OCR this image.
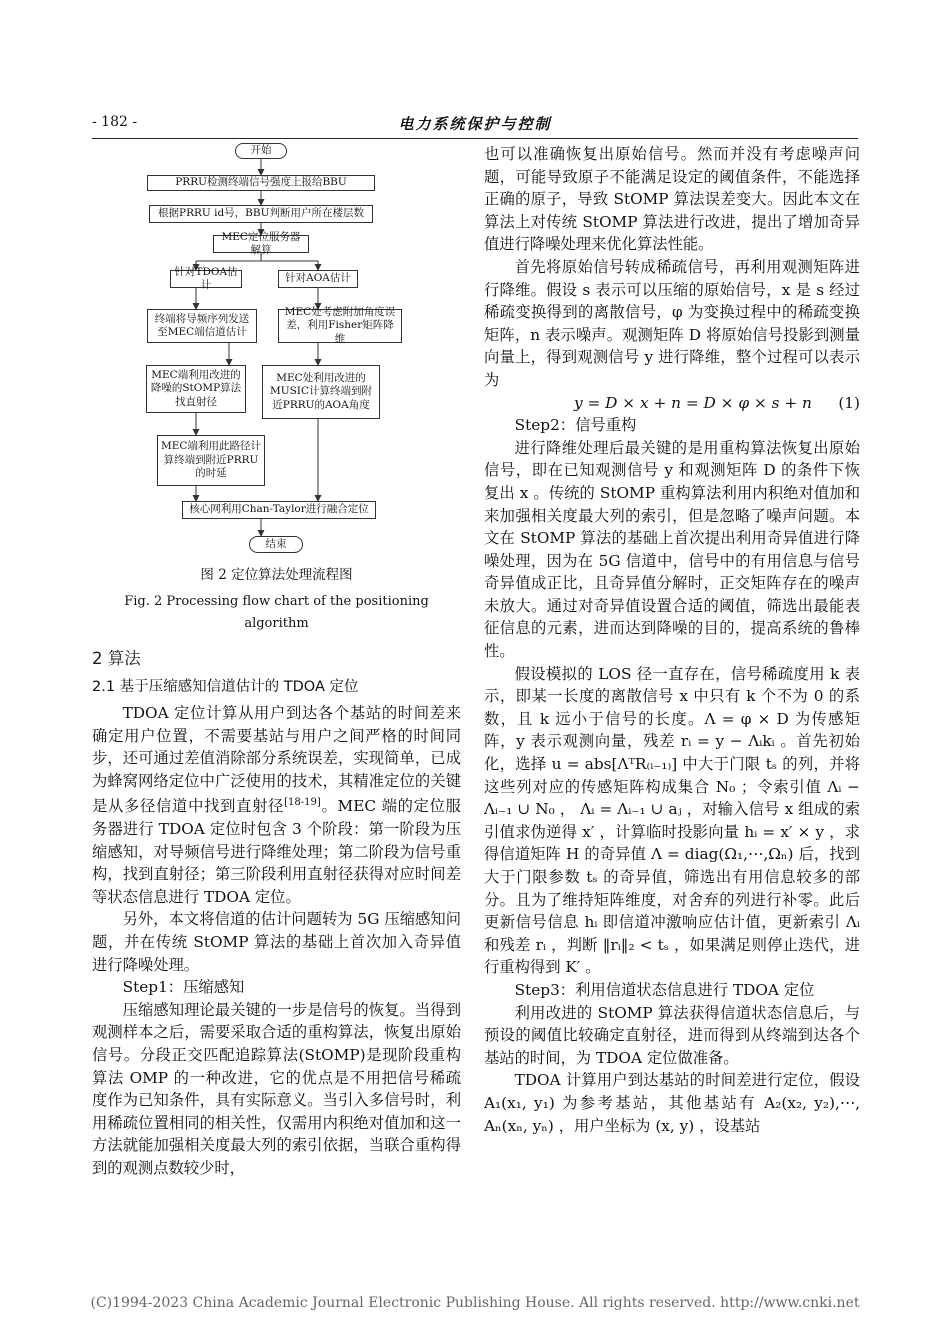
- 182 -	电力系统保护与控制
开始
PRRU检测终端信号强度上报给BBU
根据PRRU id号，BBU判断用户所在楼层数
MEC定位服务器解算
针对TDOA估计
针对AOA估计
终端将导频序列发送至MEC端信道估计
MEC处考虑附加角度误差，利用Fisher矩阵降维
MEC端利用改进的降噪的StOMP算法找直射径
MEC处利用改进的MUSIC计算终端到附近PRRU的AOA角度
MEC端利用此路径计算终端到附近PRRU的时延
核心网利用Chan-Taylor进行融合定位
结束
图 2 定位算法处理流程图
Fig. 2 Processing flow chart of the positioning algorithm
2 算法
2.1 基于压缩感知信道估计的 TDOA 定位

TDOA 定位计算从用户到达各个基站的时间差来确定用户位置，不需要基站与用户之间严格的时间同步，还可通过差值消除部分系统误差，实现简单，已成为蜂窝网络定位中广泛使用的技术，其精准定位的关键是从多径信道中找到直射径[18-19]。MEC 端的定位服务器进行 TDOA 定位时包含 3 个阶段：第一阶段为压缩感知，对导频信号进行降维处理；第二阶段为信号重构，找到直射径；第三阶段利用直射径获得对应时间差等状态信息进行 TDOA 定位。

另外，本文将信道的估计问题转为 5G 压缩感知问题，并在传统 StOMP 算法的基础上首次加入奇异值进行降噪处理。

Step1：压缩感知

压缩感知理论最关键的一步是信号的恢复。当得到观测样本之后，需要采取合适的重构算法，恢复出原始信号。分段正交匹配追踪算法(StOMP)是现阶段重构算法 OMP 的一种改进，它的优点是不用把信号稀疏度作为已知条件，具有实际意义。当引入多信号时，利用稀疏位置相同的相关性，仅需用内积绝对值加和这一方法就能加强相关度最大列的索引依据，当联合重构得到的观测点数较少时，

也可以准确恢复出原始信号。然而并没有考虑噪声问题，可能导致原子不能满足设定的阈值条件，不能选择正确的原子，导致 StOMP 算法误差变大。因此本文在算法上对传统 StOMP 算法进行改进，提出了增加奇异值进行降噪处理来优化算法性能。

首先将原始信号转成稀疏信号，再利用观测矩阵进行降维。假设 s 表示可以压缩的原始信号，x 是 s 经过稀疏变换得到的离散信号，φ 为变换过程中的稀疏变换矩阵，n 表示噪声。观测矩阵 D 将原始信号投影到测量向量上，得到观测信号 y 进行降维，整个过程可以表示为

y = D × x + n = D × φ × s + n (1)

Step2：信号重构

进行降维处理后最关键的是用重构算法恢复出原始信号，即在已知观测信号 y 和观测矩阵 D 的条件下恢复出 x 。传统的 StOMP 重构算法利用内积绝对值加和来加强相关度最大列的索引，但是忽略了噪声问题。本文在 StOMP 算法的基础上首次提出利用奇异值进行降噪处理，因为在 5G 信道中，信号中的有用信息与信号奇异值成正比，且奇异值分解时，正交矩阵存在的噪声未放大。通过对奇异值设置合适的阈值，筛选出最能表征信息的元素，进而达到降噪的目的，提高系统的鲁棒性。

假设模拟的 LOS 径一直存在，信号稀疏度用 k 表示，即某一长度的离散信号 x 中只有 k 个不为 0 的系数，且 k 远小于信号的长度。Λ = φ × D 为传感矩阵，y 表示观测向量，残差 rᵢ = y − Λᵢkᵢ 。首先初始化，选择 u = abs[ΛᵀR₍ᵢ₋₁₎] 中大于门限 tₛ 的列，并将这些列对应的传感矩阵构成集合 N₀ ；令索引值 Λᵢ − Λᵢ₋₁ ∪ N₀ ， Λᵢ = Λᵢ₋₁ ∪ aⱼ ，对输入信号 x 组成的索引值求伪逆得 x′ ，计算临时投影向量 hᵢ = x′ × y ，求得信道矩阵 H 的奇异值 Λ = diag(Ω₁,⋯,Ωₙ) 后，找到大于门限参数 tₛ 的奇异值，筛选出有用信息较多的部分。且为了维持矩阵维度，对舍弃的列进行补零。此后更新信号信息 hᵢ 即信道冲激响应估计值，更新索引 Λᵢ 和残差 rᵢ ，判断 ‖rᵢ‖₂ < tₛ ，如果满足则停止迭代，进行重构得到 K′ 。

Step3：利用信道状态信息进行 TDOA 定位

利用改进的 StOMP 算法获得信道状态信息后，与预设的阈值比较确定直射径，进而得到从终端到达各个基站的时间，为 TDOA 定位做准备。

TDOA 计算用户到达基站的时间差进行定位，假设 A₁(x₁, y₁) 为参考基站，其他基站有 A₂(x₂, y₂),⋯, Aₙ(xₙ, yₙ) ，用户坐标为 (x, y) ，设基站

(C)1994-2023 China Academic Journal Electronic Publishing House. All rights reserved. http://www.cnki.net
